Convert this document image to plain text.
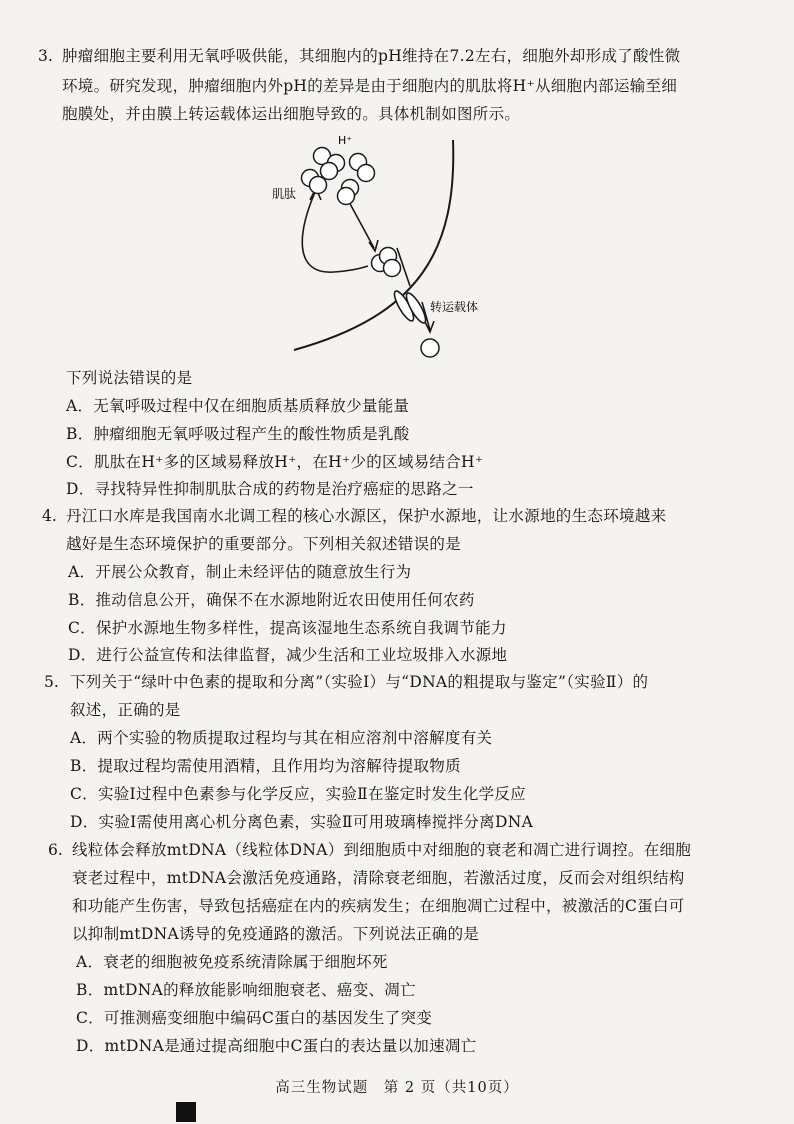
3. 肿瘤细胞主要利用无氧呼吸供能，其细胞内的pH维持在7.2左右，细胞外却形成了酸性微
环境。研究发现，肿瘤细胞内外pH的差异是由于细胞内的肌肽将H⁺从细胞内部运输至细
胞膜处，并由膜上转运载体运出细胞导致的。具体机制如图所示。
H⁺
肌肽
转运载体
下列说法错误的是
A．无氧呼吸过程中仅在细胞质基质释放少量能量
B．肿瘤细胞无氧呼吸过程产生的酸性物质是乳酸
C．肌肽在H⁺多的区域易释放H⁺，在H⁺少的区域易结合H⁺
D．寻找特异性抑制肌肽合成的药物是治疗癌症的思路之一
4. 丹江口水库是我国南水北调工程的核心水源区，保护水源地，让水源地的生态环境越来
越好是生态环境保护的重要部分。下列相关叙述错误的是
A．开展公众教育，制止未经评估的随意放生行为
B．推动信息公开，确保不在水源地附近农田使用任何农药
C．保护水源地生物多样性，提高该湿地生态系统自我调节能力
D．进行公益宣传和法律监督，减少生活和工业垃圾排入水源地
5. 下列关于“绿叶中色素的提取和分离”（实验Ⅰ）与“DNA的粗提取与鉴定”（实验Ⅱ）的
叙述，正确的是
A．两个实验的物质提取过程均与其在相应溶剂中溶解度有关
B．提取过程均需使用酒精，且作用均为溶解待提取物质
C．实验Ⅰ过程中色素参与化学反应，实验Ⅱ在鉴定时发生化学反应
D．实验Ⅰ需使用离心机分离色素，实验Ⅱ可用玻璃棒搅拌分离DNA
6. 线粒体会释放mtDNA（线粒体DNA）到细胞质中对细胞的衰老和凋亡进行调控。在细胞
衰老过程中，mtDNA会激活免疫通路，清除衰老细胞，若激活过度，反而会对组织结构
和功能产生伤害，导致包括癌症在内的疾病发生；在细胞凋亡过程中，被激活的C蛋白可
以抑制mtDNA诱导的免疫通路的激活。下列说法正确的是
A．衰老的细胞被免疫系统清除属于细胞坏死
B．mtDNA的释放能影响细胞衰老、癌变、凋亡
C．可推测癌变细胞中编码C蛋白的基因发生了突变
D．mtDNA是通过提高细胞中C蛋白的表达量以加速凋亡
高三生物试题　第 2 页（共10页）
